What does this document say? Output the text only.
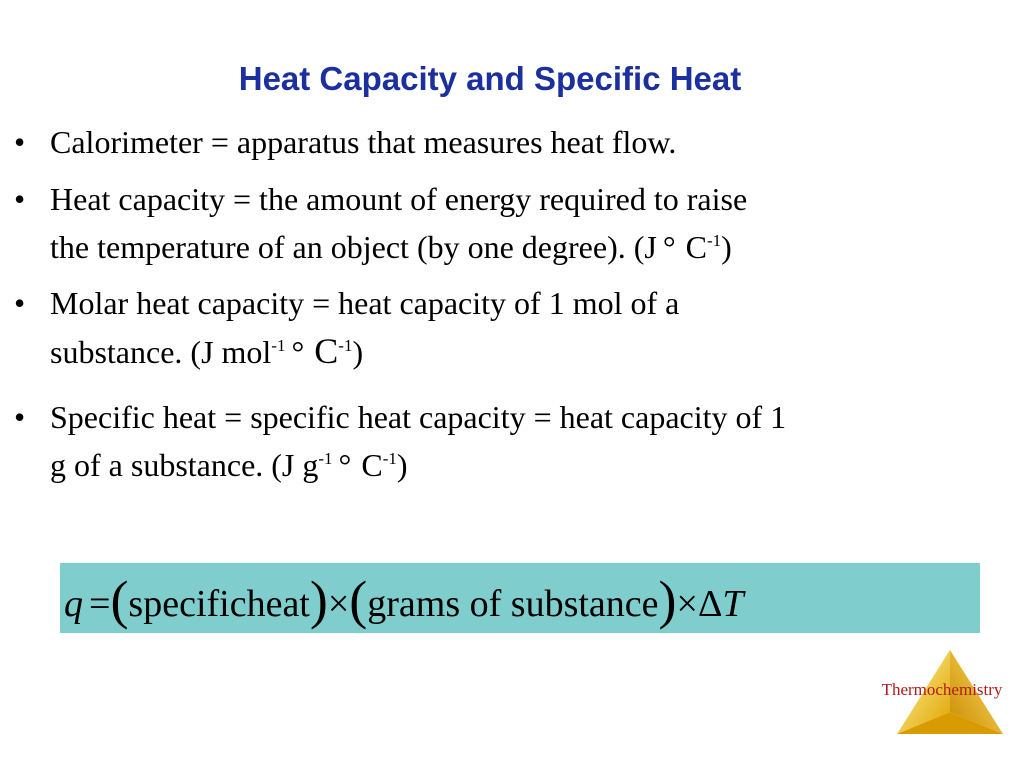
Heat Capacity and Specific Heat
• Calorimeter = apparatus that measures heat flow.
• Heat capacity = the amount of energy required to raise
the temperature of an object (by one degree). (J ° $C^{-1}$)
• Molar heat capacity = heat capacity of 1 mol of a
substance. (J mol$^{-1}$ ° $C^{-1}$)
• Specific heat = specific heat capacity = heat capacity of 1
g of a substance. (J $g^{-1}$ ° $C^{-1}$)
q =(specificheat)×(grams of substance)×ΔT
Thermochemistry
